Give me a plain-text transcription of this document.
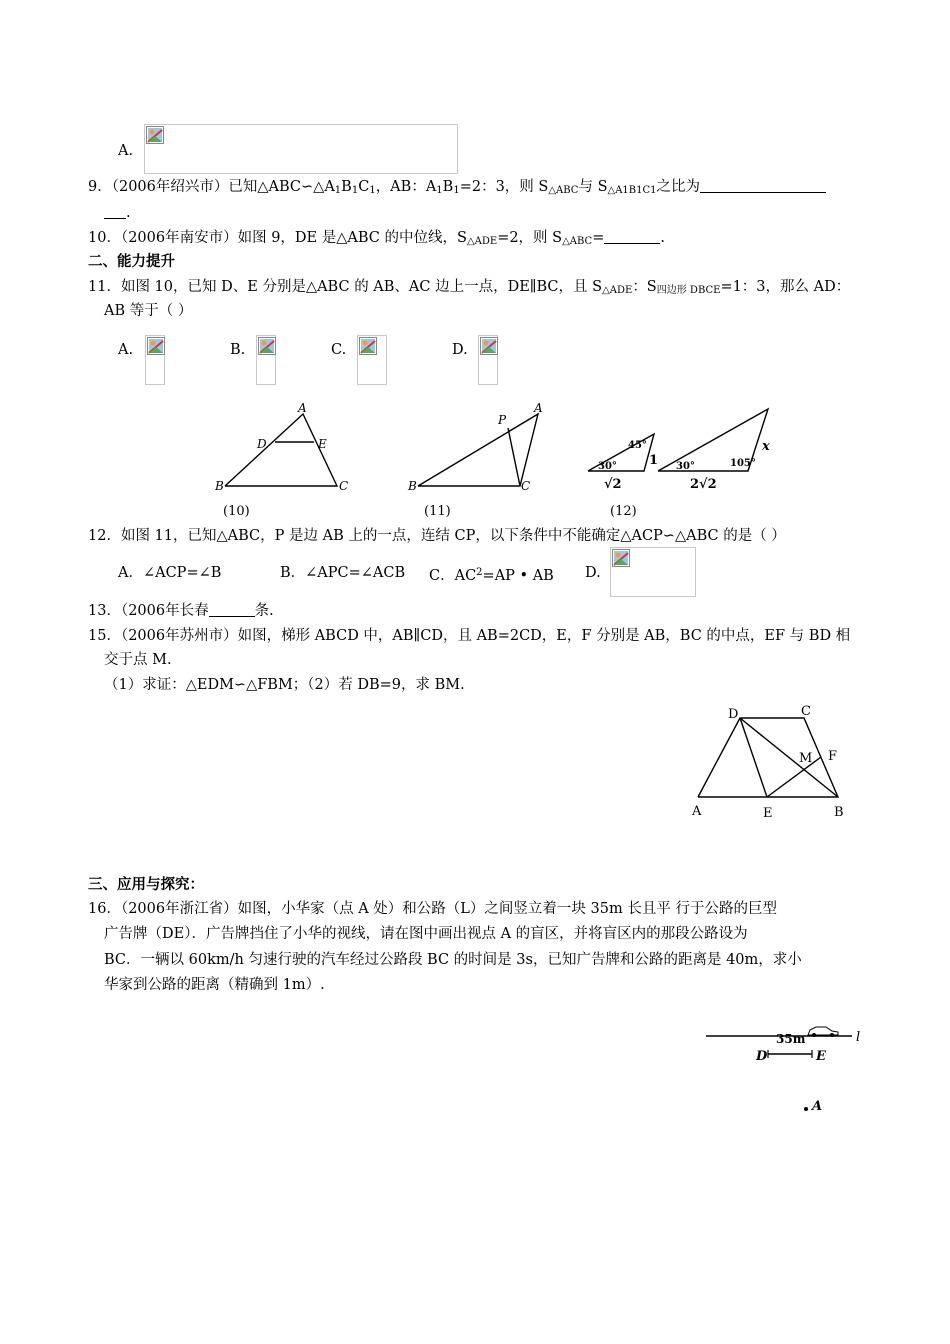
A.
9．（2006年绍兴市）已知$\triangle ABC∽\triangle A_1B_1C_1$，AB：$A_1B_1=2$：3，则 $S_{\triangle ABC}$与 $S_{\triangle A1B1C1}$之比为
.
10．（2006年南安市）如图 9，DE 是△ABC 的中位线，$S_{\triangle ADE}=2$，则 $S_{\triangle ABC}=$	.
二、能力提升
11．如图 10，已知 D、E 分别是△ABC 的 AB、AC 边上一点，DE∥BC，且 $S_{\triangle ADE}$：$S_{四边形 DBCE}=1$：3，那么 AD：
AB 等于（ ）
A.	B.	C.	D.
A
D	E
B	C
(10)
P
A
B	C
(11)
45°
30°	30°	105°
1
√2	2√2
x
(12)
12．如图 11，已知△ABC，P 是边 AB 上的一点，连结 CP，以下条件中不能确定△ACP∽△ABC 的是（ ）
A．∠ACP=∠B	B．∠APC=∠ACB C．$AC^2=AP$ • AB D.
13．（2006年长春	条.
15．（2006年苏州市）如图，梯形 ABCD 中，AB∥CD，且 AB=2CD，E，F 分别是 AB，BC 的中点，EF 与 BD 相
交于点 M.
（1）求证：△EDM∽△FBM；（2）若 DB=9，求 BM.
D	C
M F
A	E	B
三、应用与探究：
16．（2006年浙江省）如图，小华家（点 A 处）和公路（L）之间竖立着一块 35m 长且平 行于公路的巨型
广告牌（DE）．广告牌挡住了小华的视线，请在图中画出视点 A 的盲区，并将盲区内的那段公路设为
BC．一辆以 60km/h 匀速行驶的汽车经过公路段 BC 的时间是 3s，已知广告牌和公路的距离是 40m，求小
华家到公路的距离（精确到 1m）.
l
35m
D	E
A
